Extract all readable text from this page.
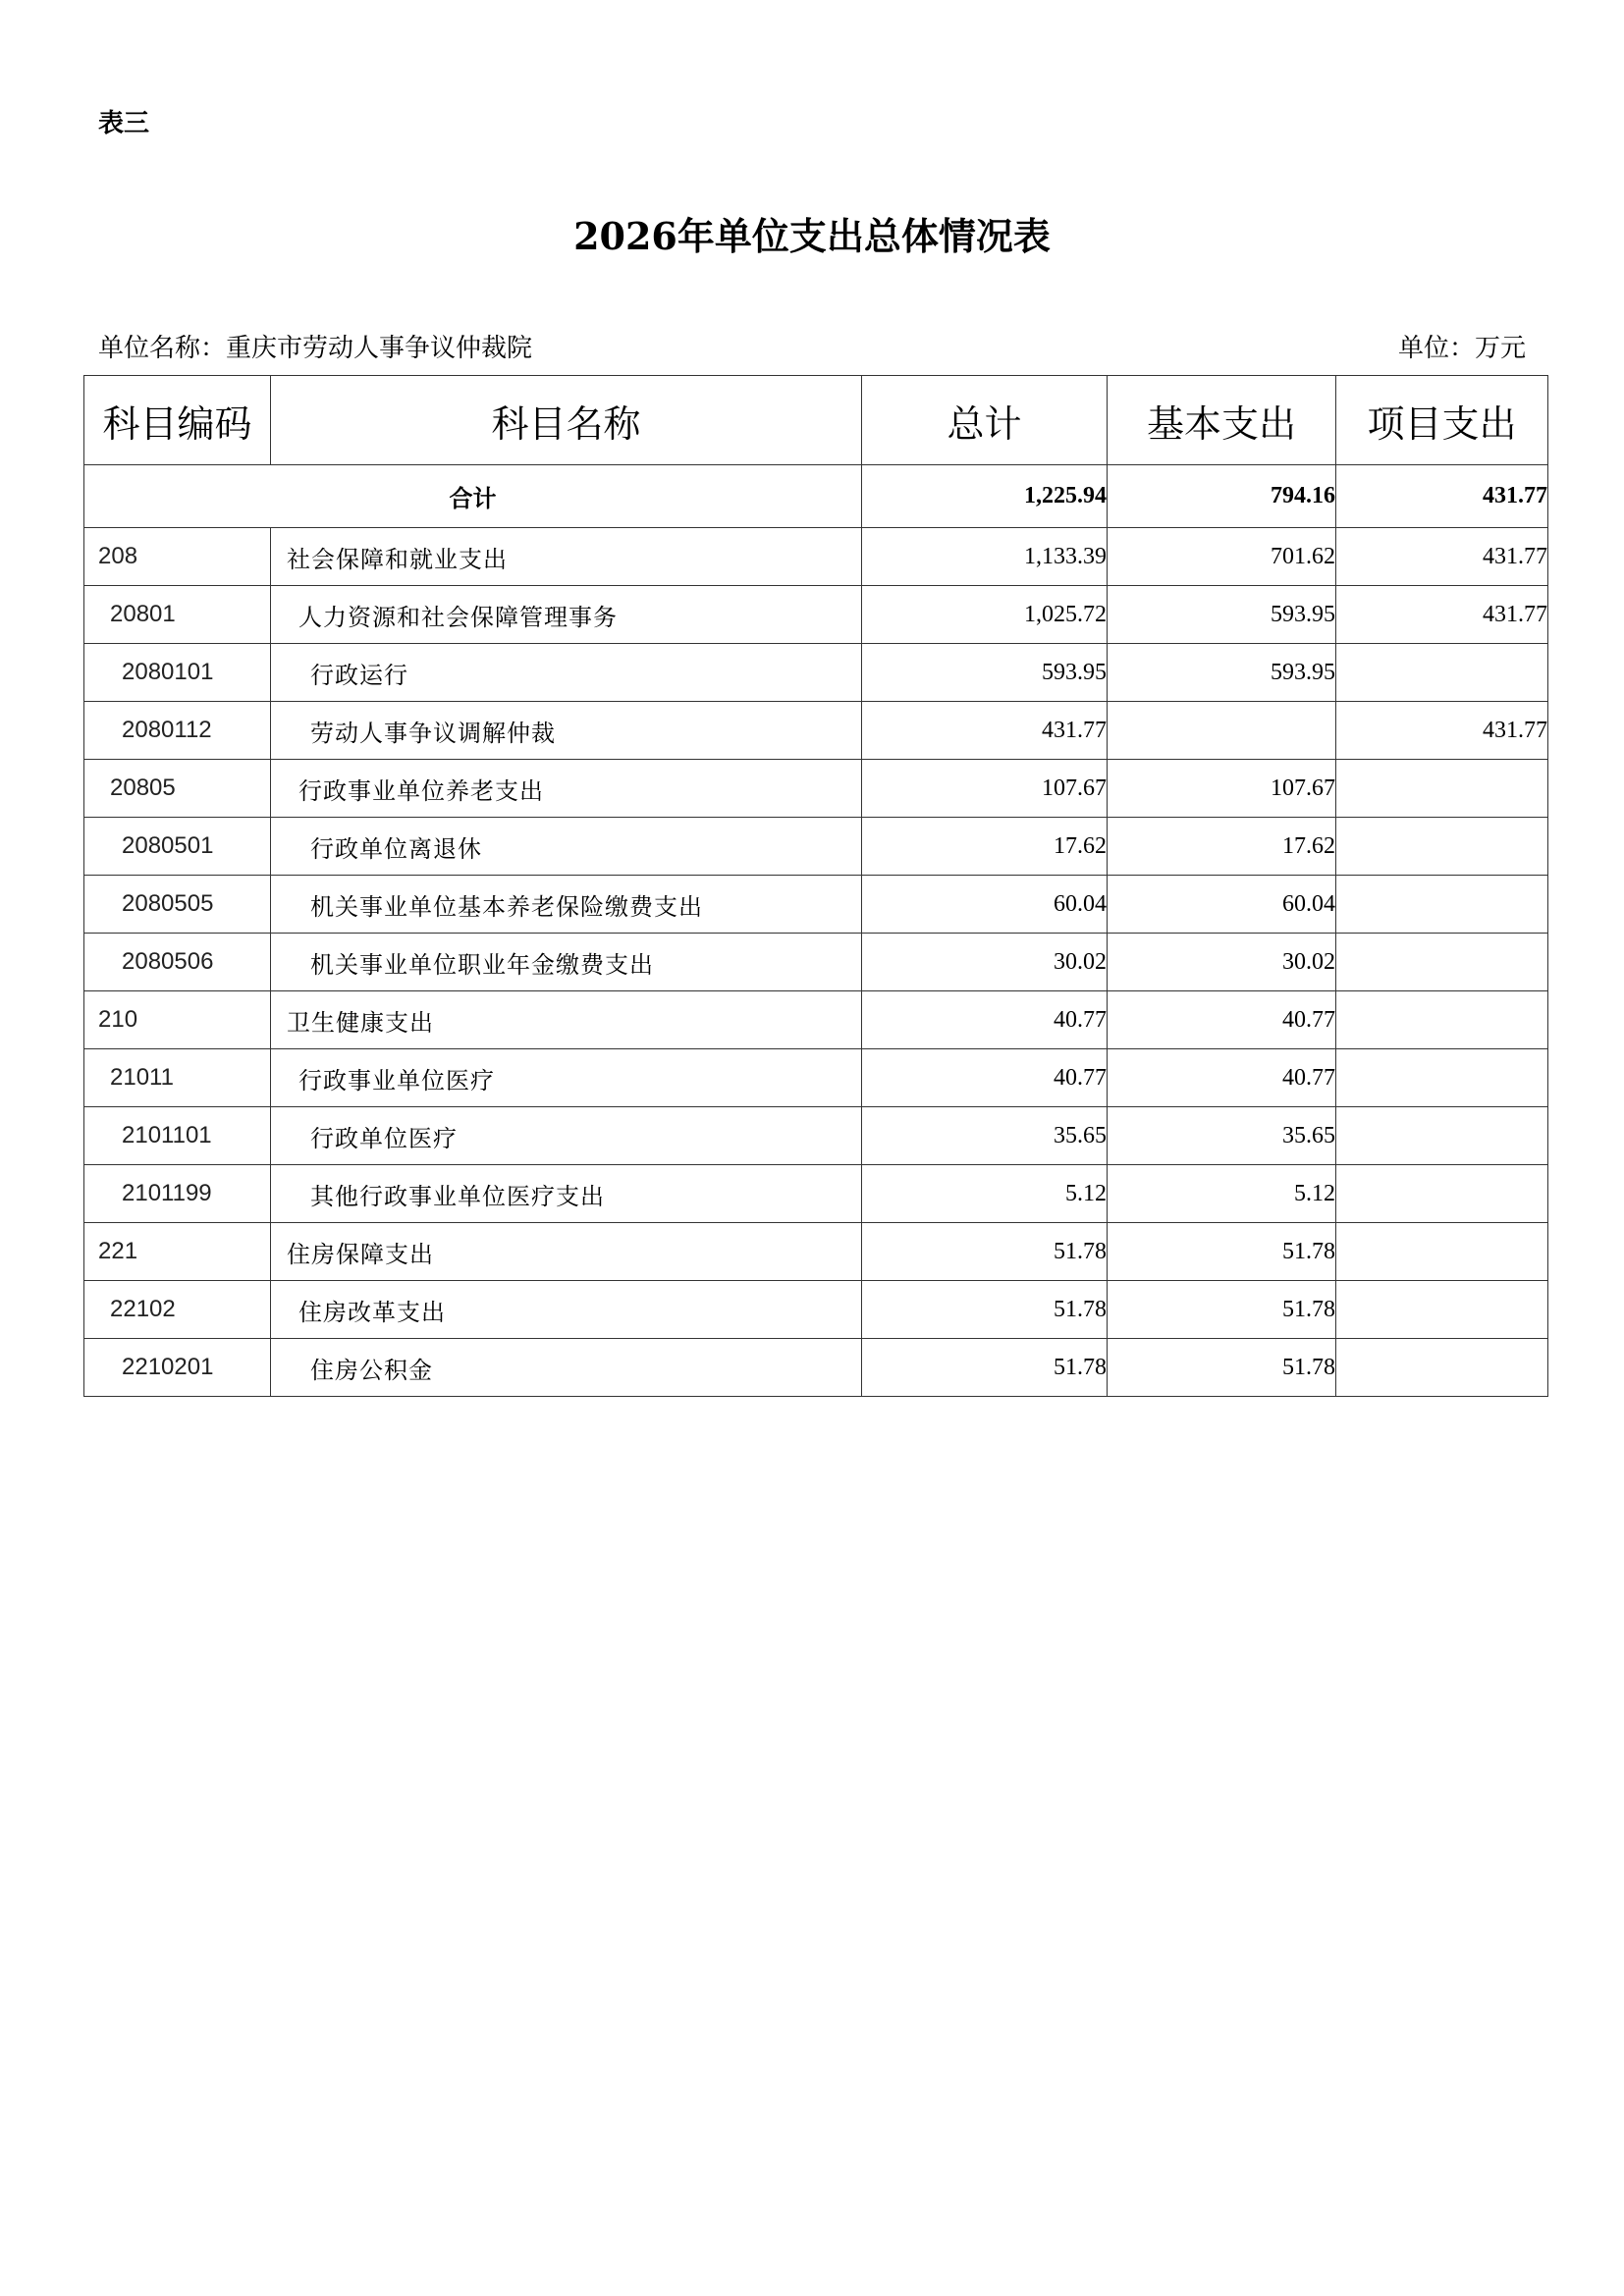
表三
2026年单位支出总体情况表
单位名称：重庆市劳动人事争议仲裁院	单位：万元
科目编码	科目名称	总计	基本支出	项目支出
合计		1,225.94	794.16	431.77
208	社会保障和就业支出	1,133.39	701.62	431.77
20801	人力资源和社会保障管理事务	1,025.72	593.95	431.77
2080101	行政运行	593.95	593.95	
2080112	劳动人事争议调解仲裁	431.77		431.77
20805	行政事业单位养老支出	107.67	107.67	
2080501	行政单位离退休	17.62	17.62	
2080505	机关事业单位基本养老保险缴费支出	60.04	60.04	
2080506	机关事业单位职业年金缴费支出	30.02	30.02	
210	卫生健康支出	40.77	40.77	
21011	行政事业单位医疗	40.77	40.77	
2101101	行政单位医疗	35.65	35.65	
2101199	其他行政事业单位医疗支出	5.12	5.12	
221	住房保障支出	51.78	51.78	
22102	住房改革支出	51.78	51.78	
2210201	住房公积金	51.78	51.78	
